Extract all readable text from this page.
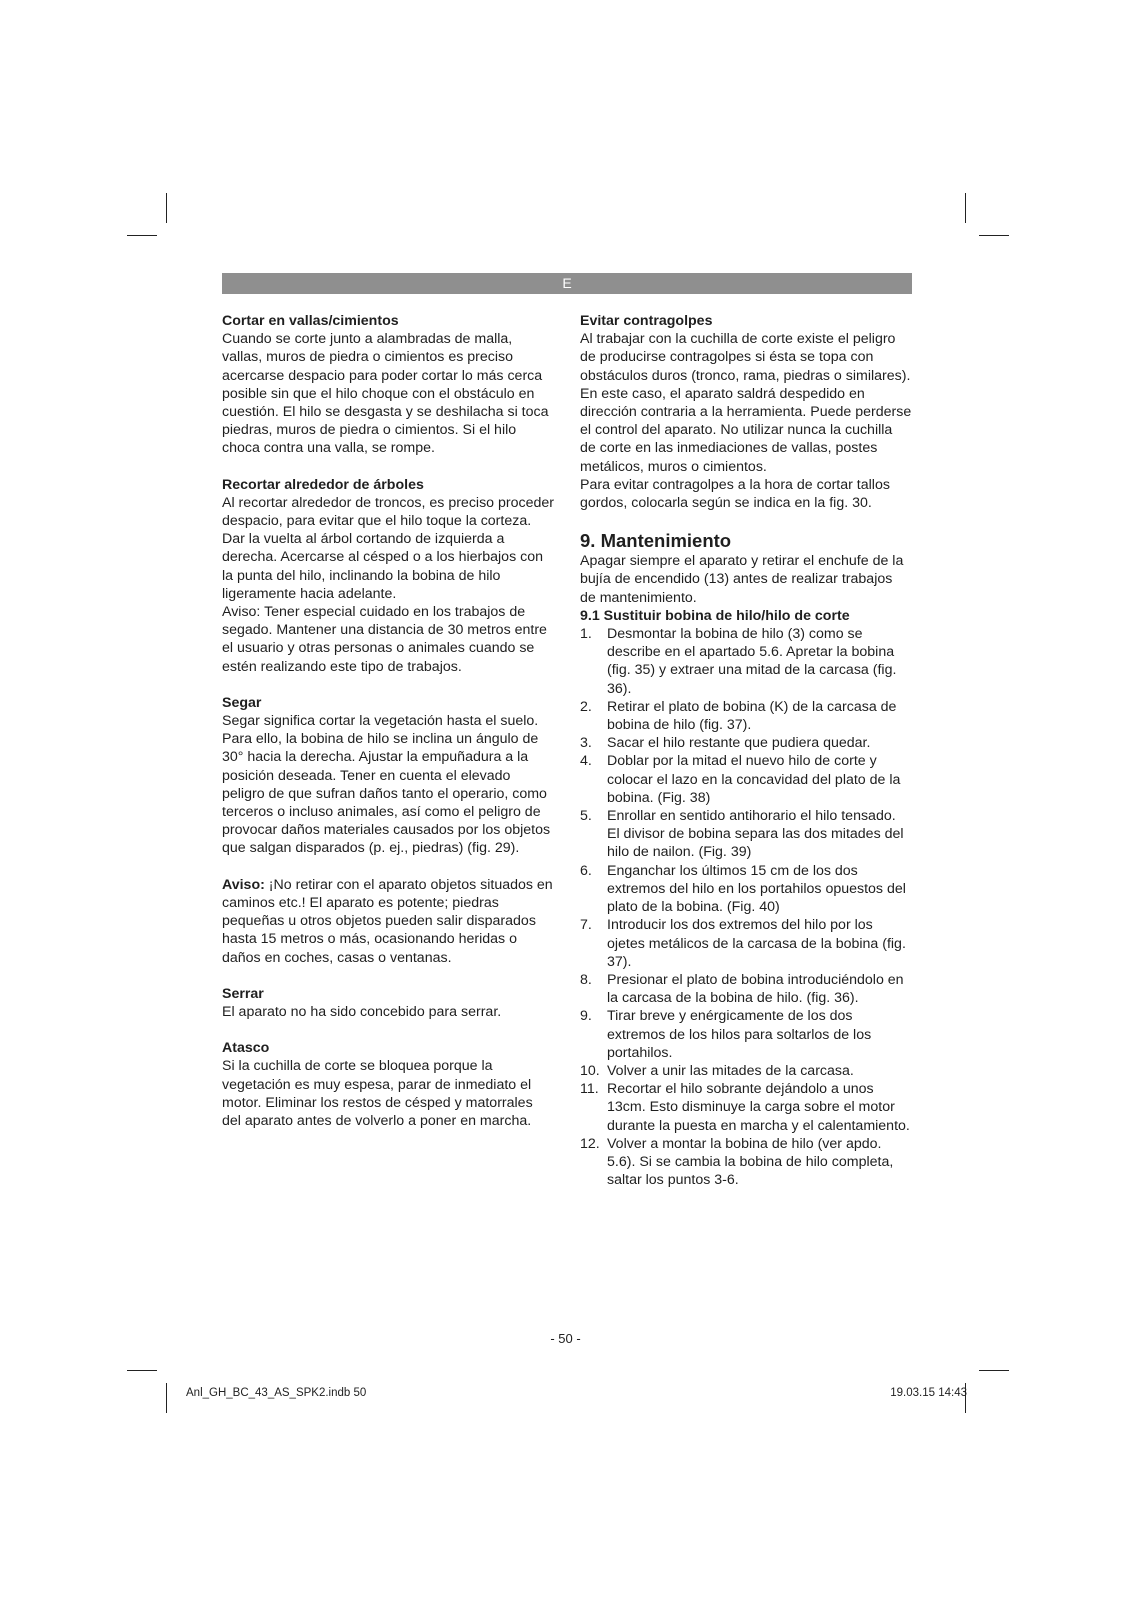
E

Cortar en vallas/cimientos

Cuando se corte junto a alambradas de malla, vallas, muros de piedra o cimientos es preciso acercarse despacio para poder cortar lo más cerca posible sin que el hilo choque con el obstáculo en cuestión. El hilo se desgasta y se deshilacha si toca piedras, muros de piedra o cimientos. Si el hilo choca contra una valla, se rompe.

Recortar alrededor de árboles

Al recortar alrededor de troncos, es preciso proceder despacio, para evitar que el hilo toque la corteza. Dar la vuelta al árbol cortando de izquierda a derecha. Acercarse al césped o a los hierbajos con la punta del hilo, inclinando la bobina de hilo ligeramente hacia adelante.

Aviso: Tener especial cuidado en los trabajos de segado. Mantener una distancia de 30 metros entre el usuario y otras personas o animales cuando se estén realizando este tipo de trabajos.

Segar

Segar significa cortar la vegetación hasta el suelo. Para ello, la bobina de hilo se inclina un ángulo de 30° hacia la derecha. Ajustar la empuñadura a la posición deseada. Tener en cuenta el elevado peligro de que sufran daños tanto el operario, como terceros o incluso animales, así como el peligro de provocar daños materiales causados por los objetos que salgan disparados (p. ej., piedras) (fig. 29).

Aviso: ¡No retirar con el aparato objetos situados en caminos etc.! El aparato es potente; piedras pequeñas u otros objetos pueden salir disparados hasta 15 metros o más, ocasionando heridas o daños en coches, casas o ventanas.

Serrar

El aparato no ha sido concebido para serrar.

Atasco

Si la cuchilla de corte se bloquea porque la vegetación es muy espesa, parar de inmediato el motor. Eliminar los restos de césped y matorrales del aparato antes de volverlo a poner en marcha.

Evitar contragolpes

Al trabajar con la cuchilla de corte existe el peligro de producirse contragolpes si ésta se topa con obstáculos duros (tronco, rama, piedras o similares). En este caso, el aparato saldrá despedido en dirección contraria a la herramienta. Puede perderse el control del aparato. No utilizar nunca la cuchilla de corte en las inmediaciones de vallas, postes metálicos, muros o cimientos.

Para evitar contragolpes a la hora de cortar tallos gordos, colocarla según se indica en la fig. 30.

9. Mantenimiento

Apagar siempre el aparato y retirar el enchufe de la bujía de encendido (13) antes de realizar trabajos de mantenimiento.

9.1 Sustituir bobina de hilo/hilo de corte

1. Desmontar la bobina de hilo (3) como se describe en el apartado 5.6. Apretar la bobina (fig. 35) y extraer una mitad de la carcasa (fig. 36).
2. Retirar el plato de bobina (K) de la carcasa de bobina de hilo (fig. 37).
3. Sacar el hilo restante que pudiera quedar.
4. Doblar por la mitad el nuevo hilo de corte y colocar el lazo en la concavidad del plato de la bobina. (Fig. 38)
5. Enrollar en sentido antihorario el hilo tensado. El divisor de bobina separa las dos mitades del hilo de nailon. (Fig. 39)
6. Enganchar los últimos 15 cm de los dos extremos del hilo en los portahilos opuestos del plato de la bobina. (Fig. 40)
7. Introducir los dos extremos del hilo por los ojetes metálicos de la carcasa de la bobina (fig. 37).
8. Presionar el plato de bobina introduciéndolo en la carcasa de la bobina de hilo. (fig. 36).
9. Tirar breve y enérgicamente de los dos extremos de los hilos para soltarlos de los portahilos.
10. Volver a unir las mitades de la carcasa.
11. Recortar el hilo sobrante dejándolo a unos 13cm. Esto disminuye la carga sobre el motor durante la puesta en marcha y el calentamiento.
12. Volver a montar la bobina de hilo (ver apdo. 5.6). Si se cambia la bobina de hilo completa, saltar los puntos 3-6.
- 50 -
Anl_GH_BC_43_AS_SPK2.indb 50	19.03.15 14:43
